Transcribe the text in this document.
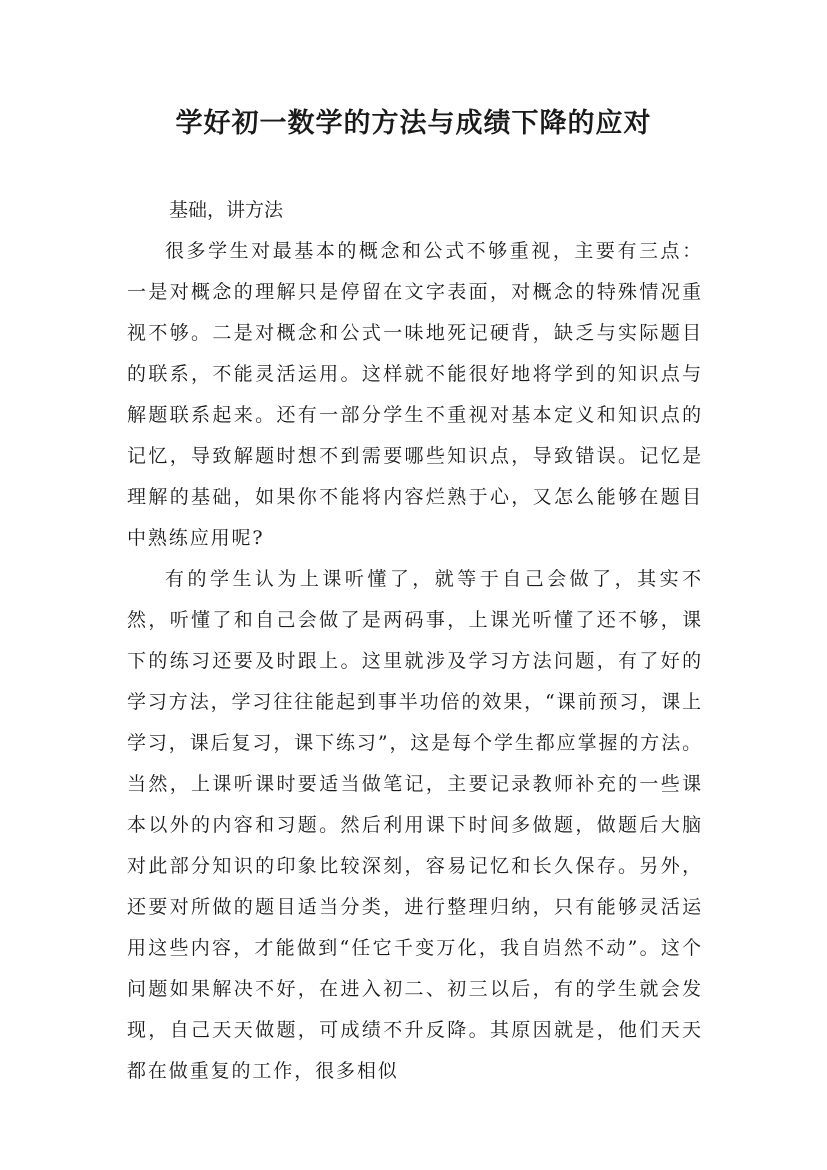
学好初一数学的方法与成绩下降的应对

基础，讲方法

很多学生对最基本的概念和公式不够重视，主要有三点：一是对概念的理解只是停留在文字表面，对概念的特殊情况重视不够。二是对概念和公式一味地死记硬背，缺乏与实际题目的联系，不能灵活运用。这样就不能很好地将学到的知识点与解题联系起来。还有一部分学生不重视对基本定义和知识点的记忆，导致解题时想不到需要哪些知识点，导致错误。记忆是理解的基础，如果你不能将内容烂熟于心，又怎么能够在题目中熟练应用呢?

有的学生认为上课听懂了，就等于自己会做了，其实不然，听懂了和自己会做了是两码事，上课光听懂了还不够，课下的练习还要及时跟上。这里就涉及学习方法问题，有了好的学习方法，学习往往能起到事半功倍的效果，“课前预习，课上学习，课后复习，课下练习”，这是每个学生都应掌握的方法。当然，上课听课时要适当做笔记，主要记录教师补充的一些课本以外的内容和习题。然后利用课下时间多做题，做题后大脑对此部分知识的印象比较深刻，容易记忆和长久保存。另外，还要对所做的题目适当分类，进行整理归纳，只有能够灵活运用这些内容，才能做到“任它千变万化，我自岿然不动”。这个问题如果解决不好，在进入初二、初三以后，有的学生就会发现，自己天天做题，可成绩不升反降。其原因就是，他们天天都在做重复的工作，很多相似
